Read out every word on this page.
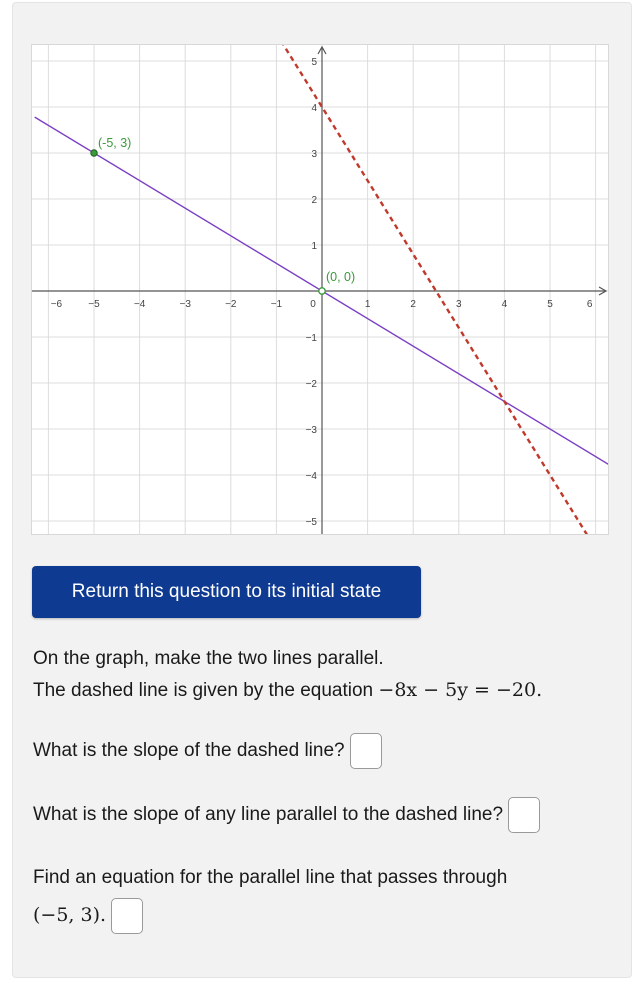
−6	−5	−4	−3	−2	−1	0	1	2	3	4	5	6
5
4
3
2
1
−1
−2
−3
−4
−5
(-5, 3)
(0, 0)
Return this question to its initial state
On the graph, make the two lines parallel.
The dashed line is given by the equation −8x − 5y = −20.
What is the slope of the dashed line?
What is the slope of any line parallel to the dashed line?
Find an equation for the parallel line that passes through
(−5, 3).
